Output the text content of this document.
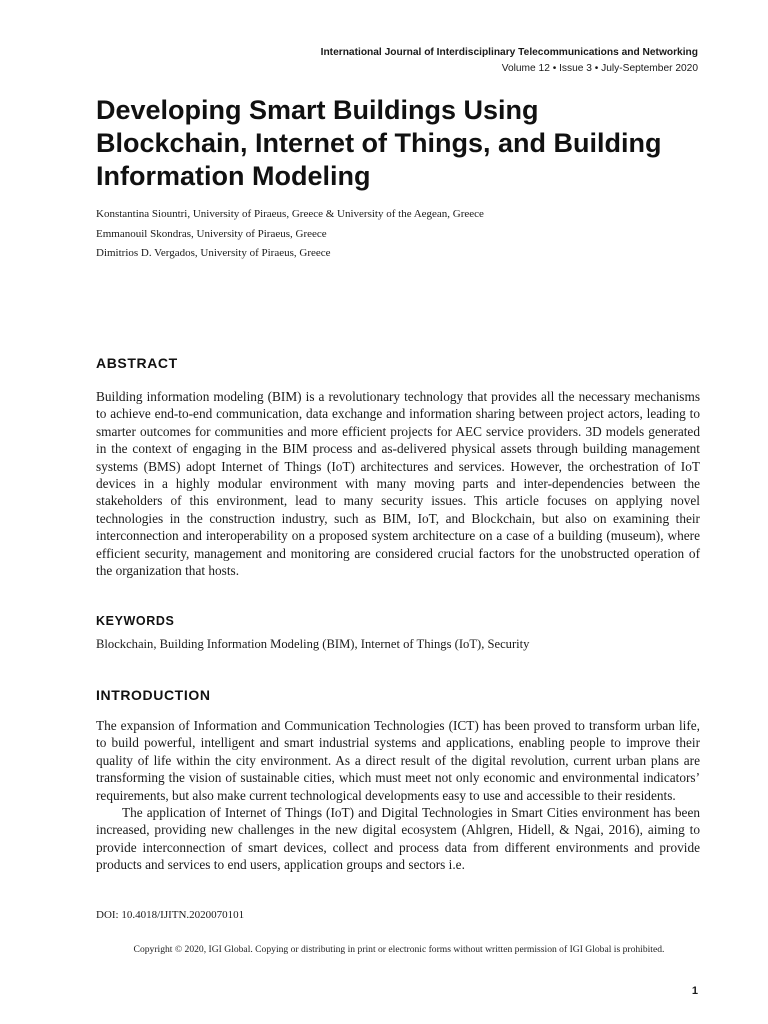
International Journal of Interdisciplinary Telecommunications and Networking
Volume 12 • Issue 3 • July-September 2020
Developing Smart Buildings Using Blockchain, Internet of Things, and Building Information Modeling
Konstantina Siountri, University of Piraeus, Greece & University of the Aegean, Greece
Emmanouil Skondras, University of Piraeus, Greece
Dimitrios D. Vergados, University of Piraeus, Greece
ABSTRACT

Building information modeling (BIM) is a revolutionary technology that provides all the necessary mechanisms to achieve end-to-end communication, data exchange and information sharing between project actors, leading to smarter outcomes for communities and more efficient projects for AEC service providers. 3D models generated in the context of engaging in the BIM process and as-delivered physical assets through building management systems (BMS) adopt Internet of Things (IoT) architectures and services. However, the orchestration of IoT devices in a highly modular environment with many moving parts and inter-dependencies between the stakeholders of this environment, lead to many security issues. This article focuses on applying novel technologies in the construction industry, such as BIM, IoT, and Blockchain, but also on examining their interconnection and interoperability on a proposed system architecture on a case of a building (museum), where efficient security, management and monitoring are considered crucial factors for the unobstructed operation of the organization that hosts.

KEYWORDS

Blockchain, Building Information Modeling (BIM), Internet of Things (IoT), Security

INTRODUCTION

The expansion of Information and Communication Technologies (ICT) has been proved to transform urban life, to build powerful, intelligent and smart industrial systems and applications, enabling people to improve their quality of life within the city environment. As a direct result of the digital revolution, current urban plans are transforming the vision of sustainable cities, which must meet not only economic and environmental indicators’ requirements, but also make current technological developments easy to use and accessible to their residents.

The application of Internet of Things (IoT) and Digital Technologies in Smart Cities environment has been increased, providing new challenges in the new digital ecosystem (Ahlgren, Hidell, & Ngai, 2016), aiming to provide interconnection of smart devices, collect and process data from different environments and provide products and services to end users, application groups and sectors i.e.

DOI: 10.4018/IJITN.2020070101
Copyright © 2020, IGI Global. Copying or distributing in print or electronic forms without written permission of IGI Global is prohibited.
1
